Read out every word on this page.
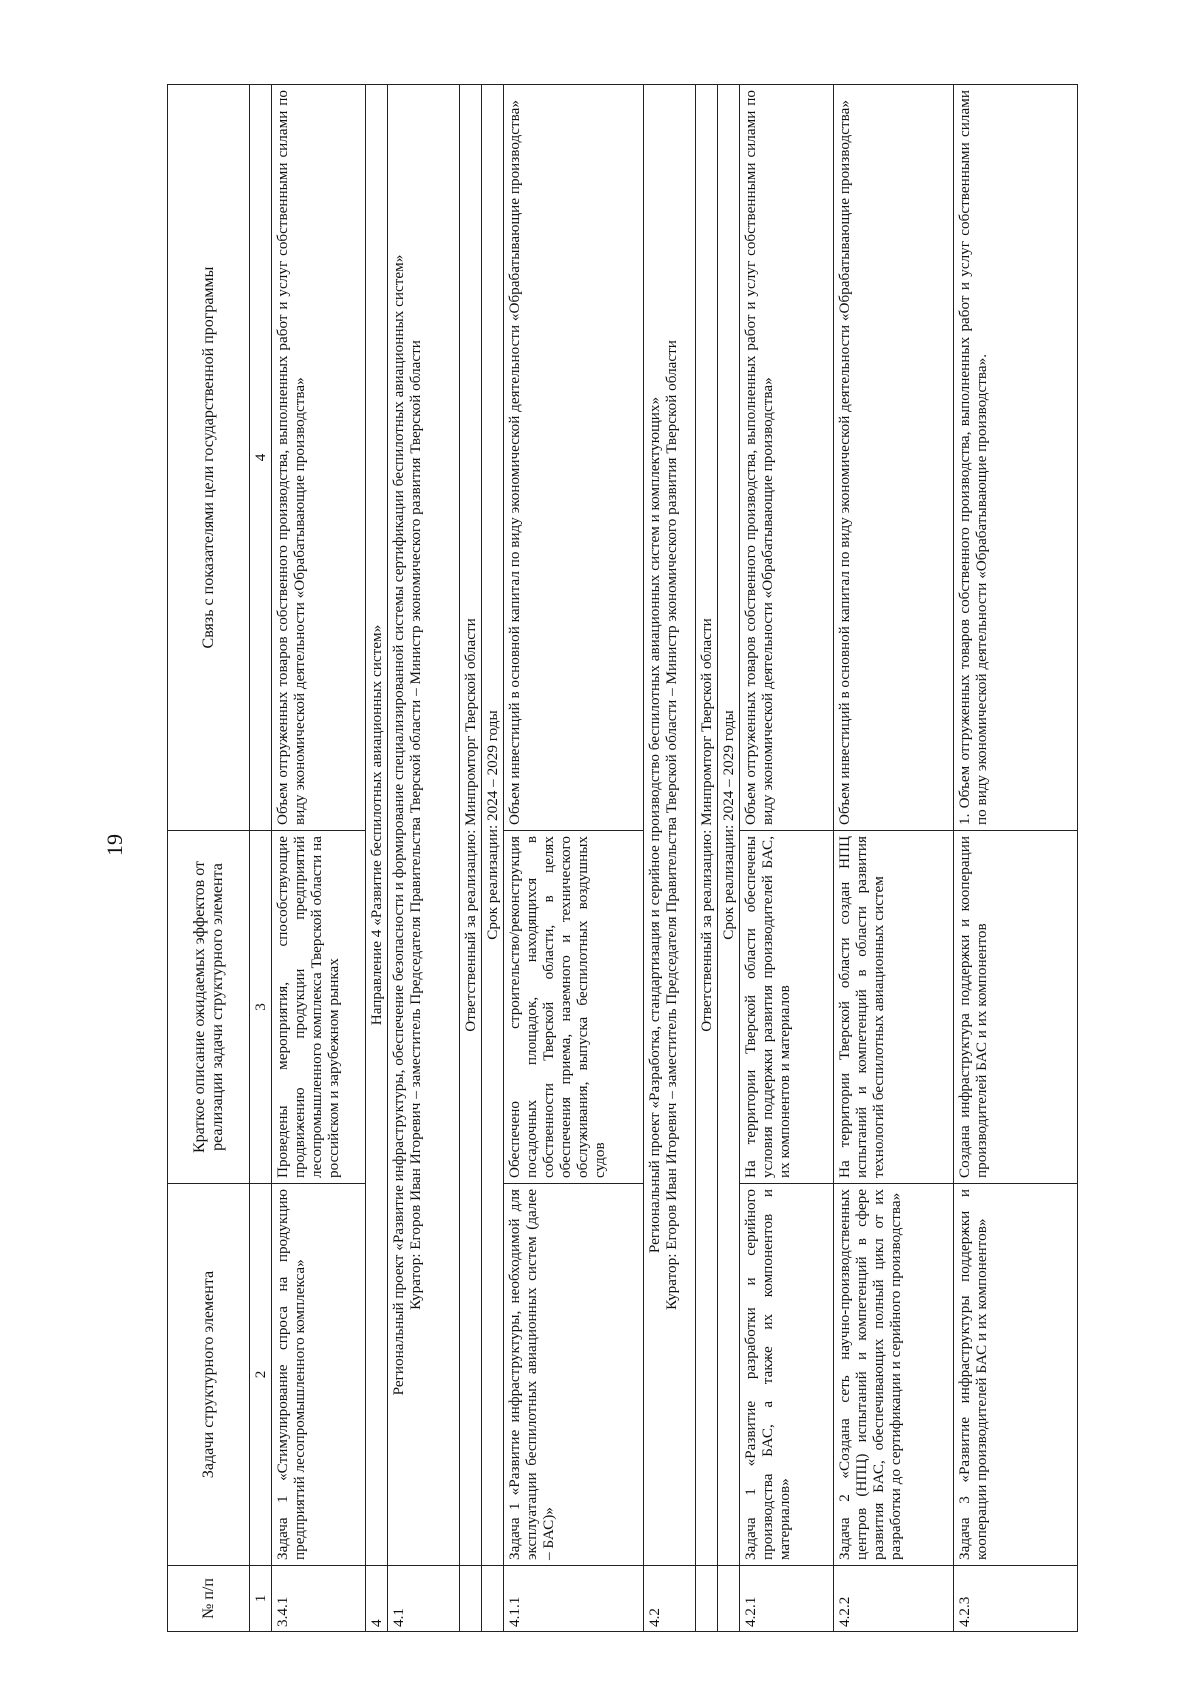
19
№ п/п	Задачи структурного элемента	Краткое описание ожидаемых эффектов от реализации задачи структурного элемента	Связь с показателями цели государственной программы
1	2	3	4
3.4.1	Задача 1 «Стимулирование спроса на продукцию предприятий лесопромышленного комплекса»	Проведены мероприятия, способствующие продвижению продукции предприятий лесопромышленного комплекса Тверской области на российском и зарубежном рынках	Объем отгруженных товаров собственного производства, выполненных работ и услуг собственными силами по виду экономической деятельности «Обрабатывающие производства»
4	Направление 4 «Развитие беспилотных авиационных систем»		
4.1	Региональный проект «Развитие инфраструктуры, обеспечение безопасности и формирование специализированной системы сертификации беспилотных авиационных систем» Куратор: Егоров Иван Игоревич – заместитель Председателя Правительства Тверской области – Министр экономического развития Тверской области		

	Ответственный за реализацию: Минпромторг Тверской области		
	Срок реализации: 2024 – 2029 годы		
4.1.1	Задача 1 «Развитие инфраструктуры, необходимой для эксплуатации беспилотных авиационных систем (далее – БАС)»	Обеспечено строительство/реконструкция посадочных площадок, находящихся в собственности Тверской области, в целях обеспечения приема, наземного и технического обслуживания, выпуска беспилотных воздушных судов	Объем инвестиций в основной капитал по виду экономической деятельности «Обрабатывающие производства»
4.2	Региональный проект «Разработка, стандартизация и серийное производство беспилотных авиационных систем и комплектующих» Куратор: Егоров Иван Игоревич – заместитель Председателя Правительства Тверской области – Министр экономического развития Тверской области		

	Ответственный за реализацию: Минпромторг Тверской области		
	Срок реализации: 2024 – 2029 годы		
4.2.1	Задача 1 «Развитие разработки и серийного производства БАС, а также их компонентов и материалов»	На территории Тверской области обеспечены условия поддержки развития производителей БАС, их компонентов и материалов	Объем отгруженных товаров собственного производства, выполненных работ и услуг собственными силами по виду экономической деятельности «Обрабатывающие производства»
4.2.2	Задача 2 «Создана сеть научно-производственных центров (НПЦ) испытаний и компетенций в сфере развития БАС, обеспечивающих полный цикл от их разработки до сертификации и серийного производства»	На территории Тверской области создан НПЦ испытаний и компетенций в области развития технологий беспилотных авиационных систем	Объем инвестиций в основной капитал по виду экономической деятельности «Обрабатывающие производства»
4.2.3	Задача 3 «Развитие инфраструктуры поддержки и кооперации производителей БАС и их компонентов»	Создана инфраструктура поддержки и кооперации производителей БАС и их компонентов	1. Объем отгруженных товаров собственного производства, выполненных работ и услуг собственными силами по виду экономической деятельности «Обрабатывающие производства».
